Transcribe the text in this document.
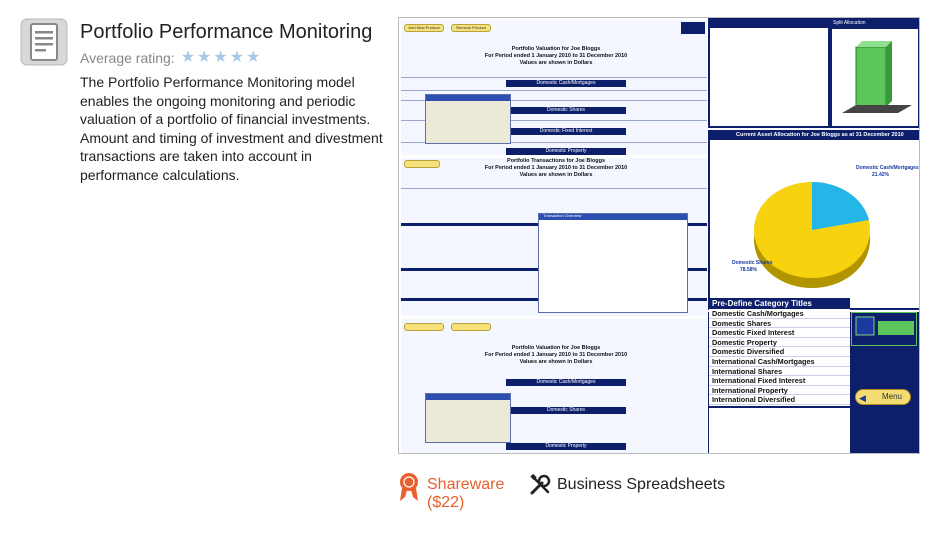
Portfolio Performance Monitoring
Average rating: ★ ★ ★ ★ ★
The Portfolio Performance Monitoring model enables the ongoing monitoring and periodic valuation of a portfolio of financial investments. Amount and timing of investment and divestment transactions are taken into account in performance calculations.
Add New Product	Remove Product
Portfolio Valuation for Joe Bloggs
For Period ended 1 January 2010 to 31 December 2010
Values are shown in Dollars
Domestic Cash/Mortgages
Domestic Shares
Domestic Fixed Interest
Domestic Property
Portfolio Transactions for Joe Bloggs
For Period ended 1 January 2010 to 31 December 2010
Values are shown in Dollars
Transaction Overview
Portfolio Valuation for Joe Bloggs
For Period ended 1 January 2010 to 31 December 2010
Values are shown in Dollars
Domestic Cash/Mortgages
Domestic Shares
Domestic Property
Split Allocation
Current Asset Allocation for Joe Bloggs as at 31 December 2010
Domestic Cash/Mortgages
21.42%
Domestic Shares
78.58%
Pre-Define Category Titles
Domestic Cash/Mortgages
Domestic Shares
Domestic Fixed Interest
Domestic Property
Domestic Diversified
International Cash/Mortgages
International Shares
International Fixed Interest
International Property
International Diversified	Menu
◀
Shareware
($22)
Business Spreadsheets
